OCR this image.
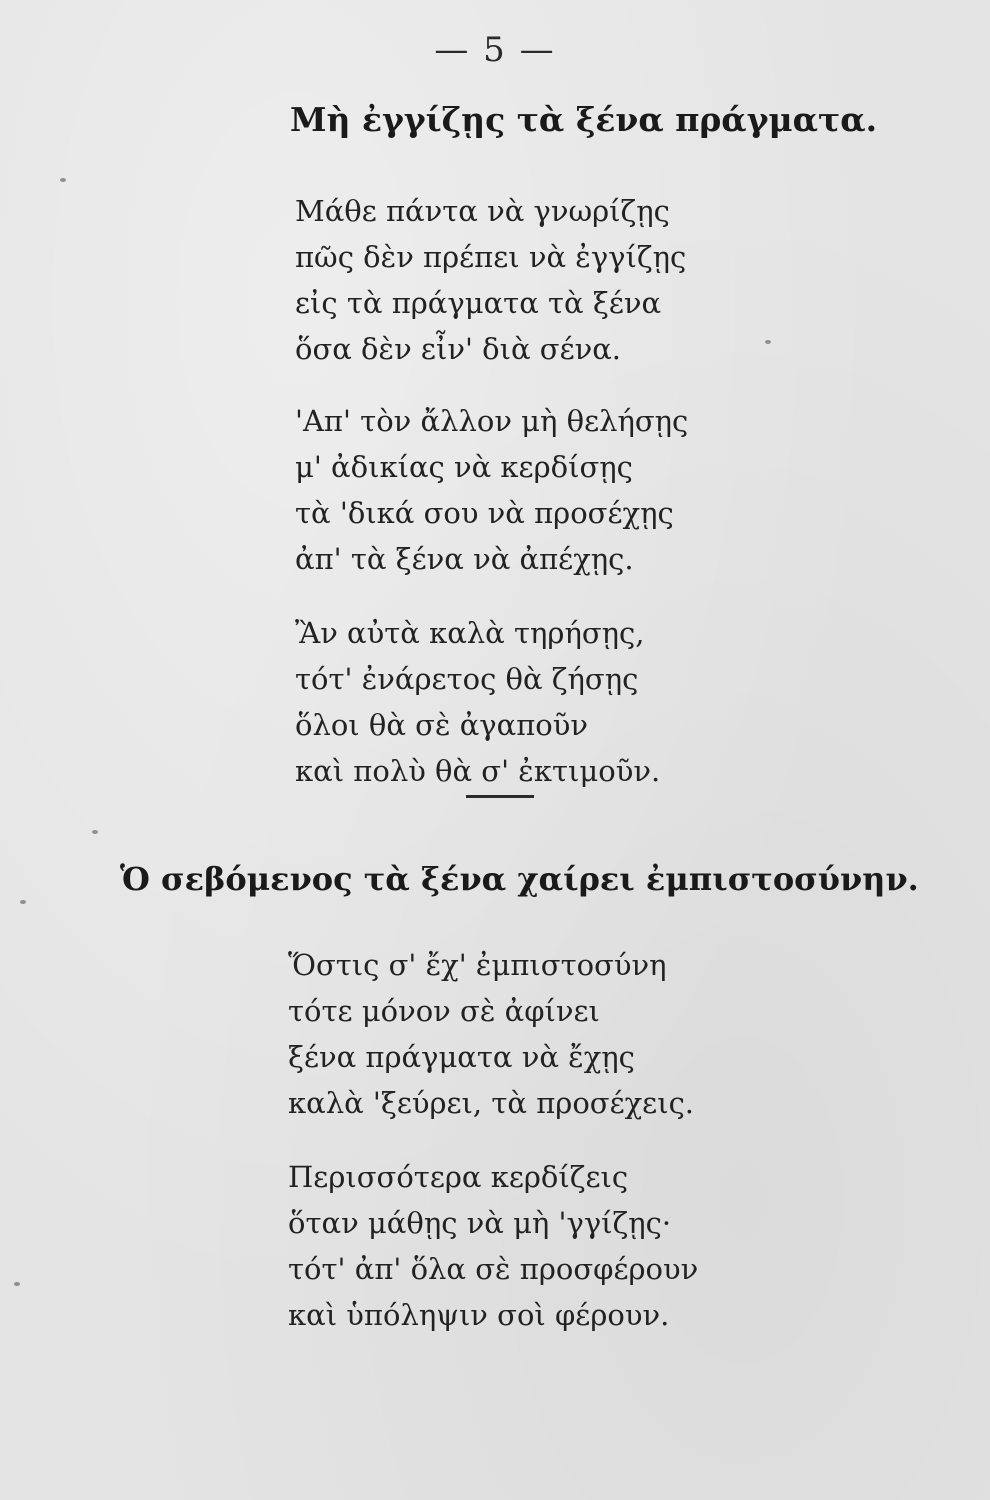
— 5 —
Μὴ ἐγγίζῃς τὰ ξένα πράγματα.
Μάθε πάντα νὰ γνωρίζῃς
πῶς δὲν πρέπει νὰ ἐγγίζῃς
εἰς τὰ πράγματα τὰ ξένα
ὅσα δὲν εἶν' διὰ σένα.
'Απ' τὸν ἄλλον μὴ θελήσῃς
μ' ἀδικίας νὰ κερδίσῃς
τὰ 'δικά σου νὰ προσέχῃς
ἀπ' τὰ ξένα νὰ ἀπέχῃς.
Ἂν αὐτὰ καλὰ τηρήσῃς,
τότ' ἐνάρετος θὰ ζήσῃς
ὅλοι θὰ σὲ ἀγαποῦν
καὶ πολὺ θὰ σ' ἐκτιμοῦν.
Ὁ σεβόμενος τὰ ξένα χαίρει ἐμπιστοσύνην.
Ὅστις σ' ἔχ' ἐμπιστοσύνη
τότε μόνον σὲ ἀφίνει
ξένα πράγματα νὰ ἔχῃς
καλὰ 'ξεύρει, τὰ προσέχεις.
Περισσότερα κερδίζεις
ὅταν μάθῃς νὰ μὴ 'γγίζῃς·
τότ' ἀπ' ὅλα σὲ προσφέρουν
καὶ ὑπόληψιν σοὶ φέρουν.
